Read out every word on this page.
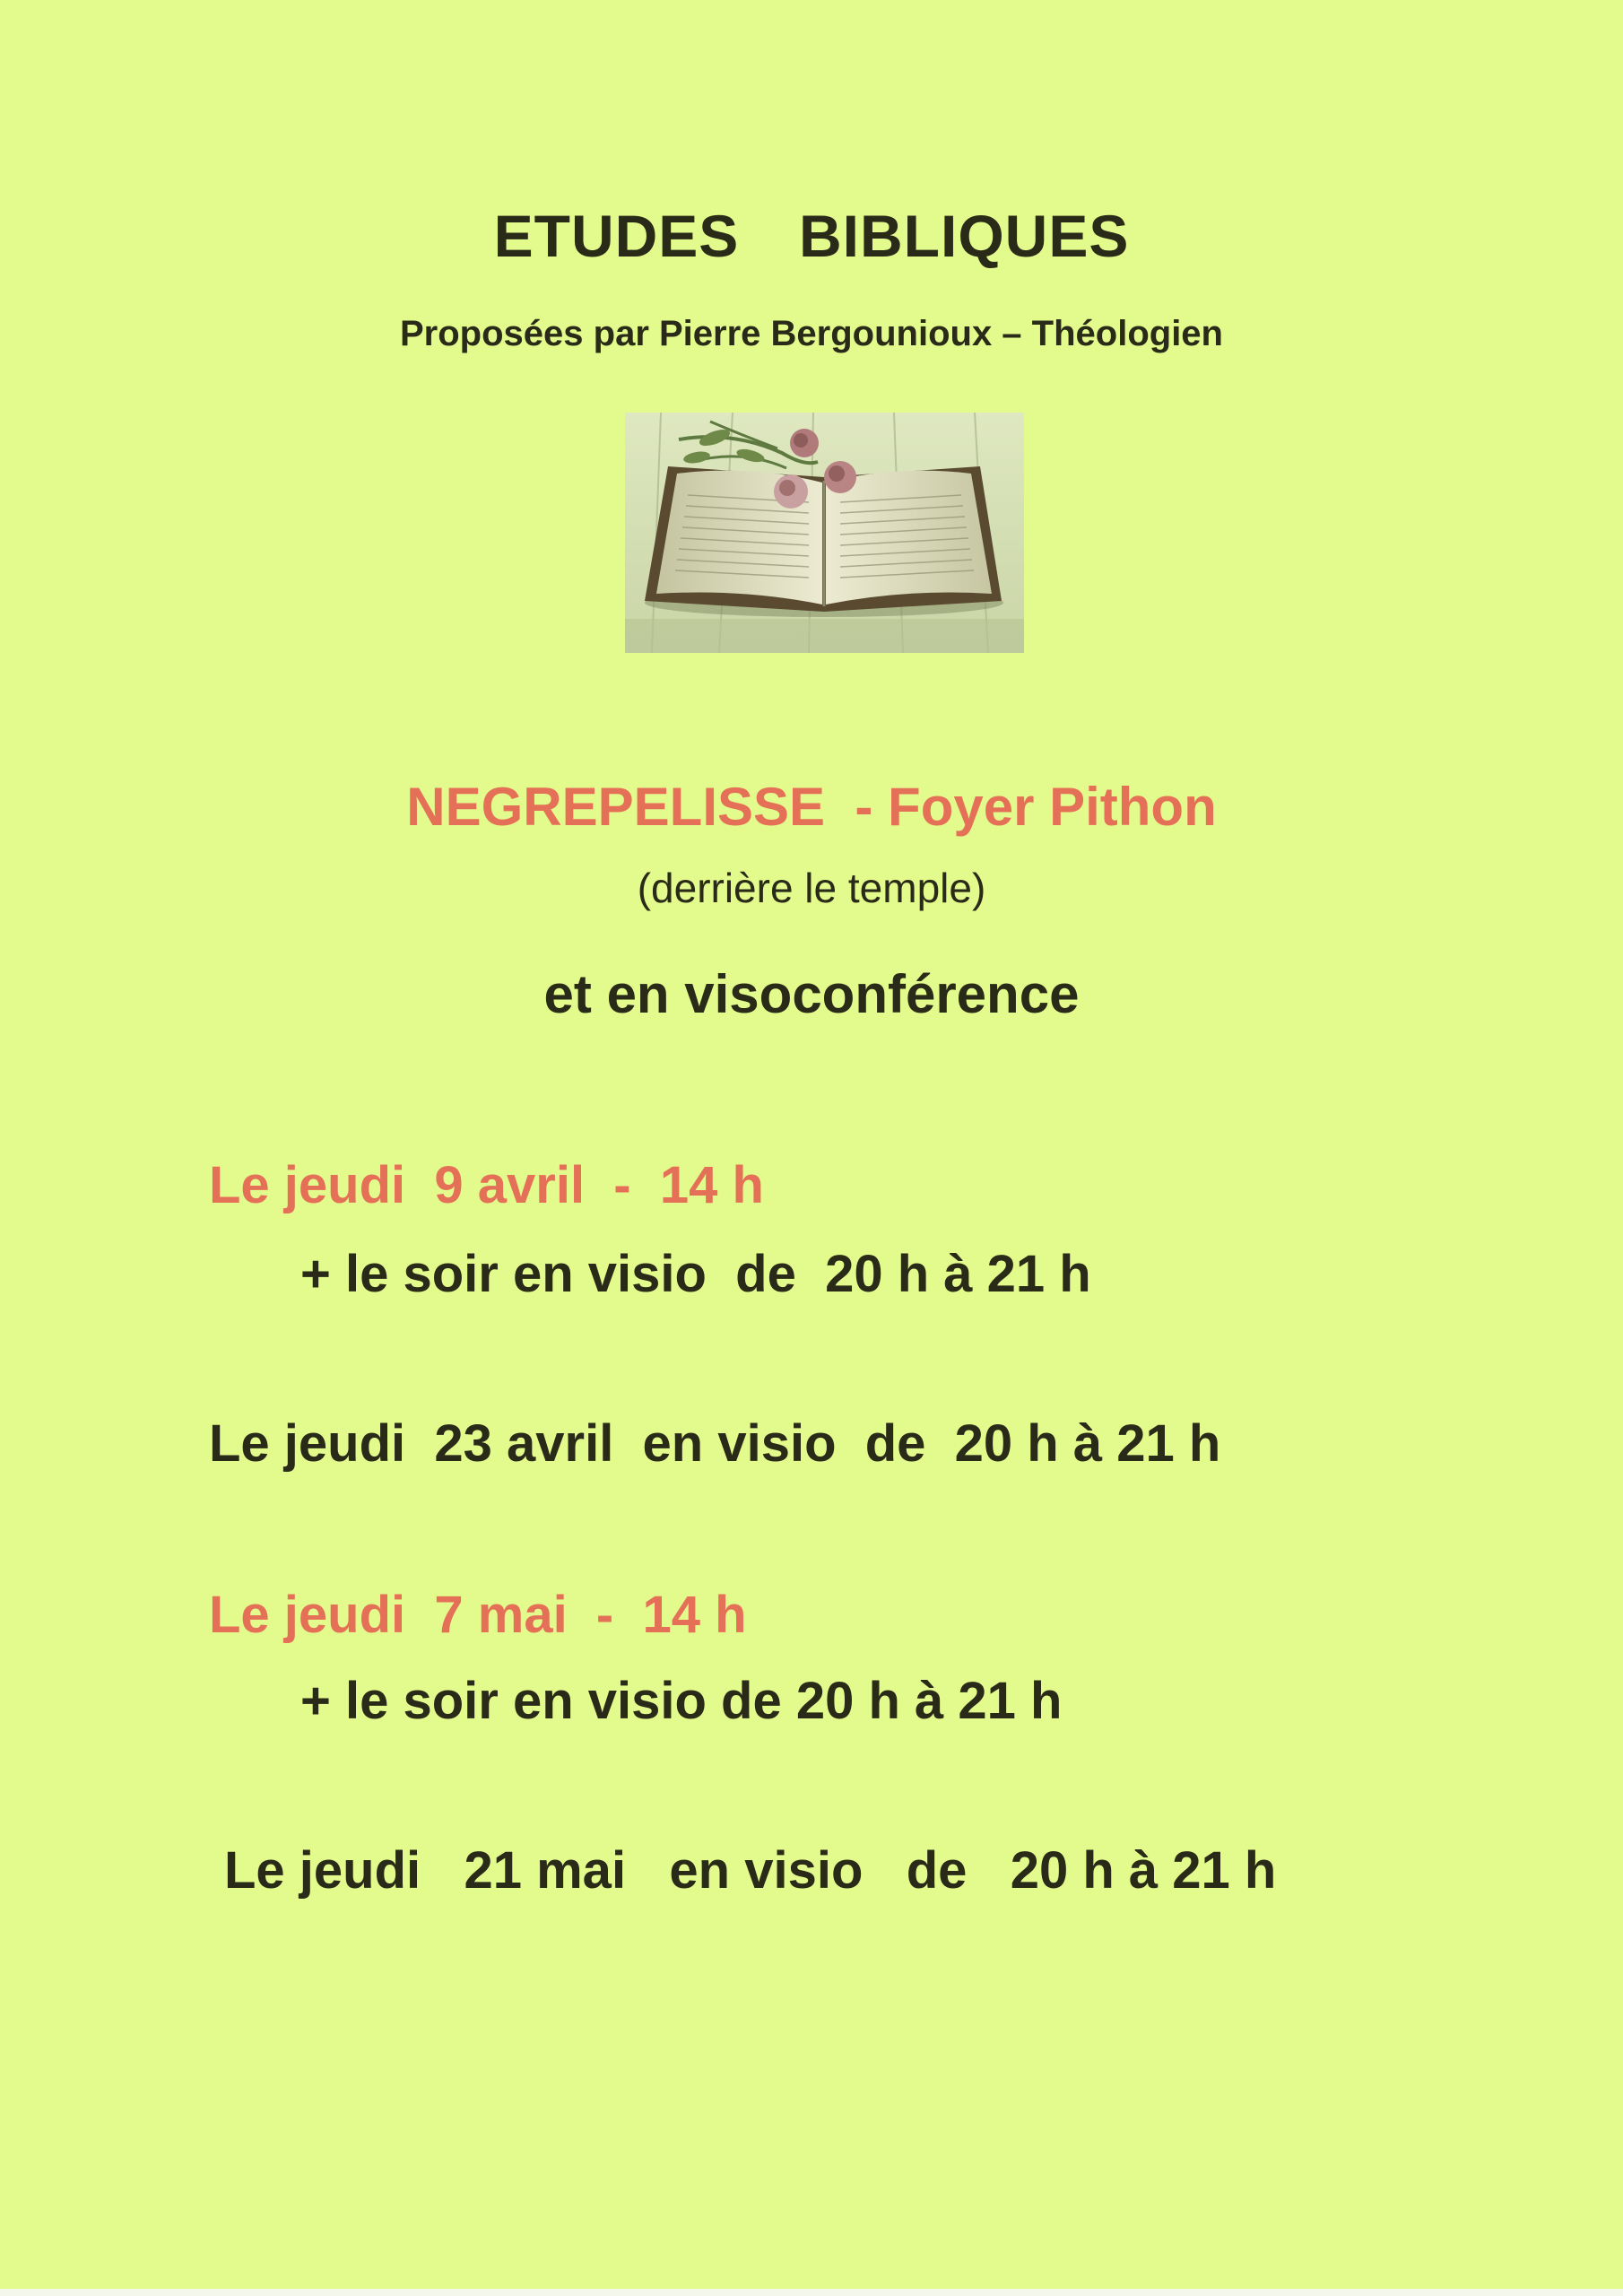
ETUDES  BIBLIQUES
Proposées par Pierre Bergounioux – Théologien
NEGREPELISSE  - Foyer Pithon
(derrière le temple)
et en visoconférence
Le jeudi  9 avril  -  14 h
+ le soir en visio  de  20 h à 21 h
Le jeudi  23 avril  en visio  de  20 h à 21 h
Le jeudi  7 mai  -  14 h
+ le soir en visio de 20 h à 21 h
Le jeudi   21 mai   en visio   de   20 h à 21 h
